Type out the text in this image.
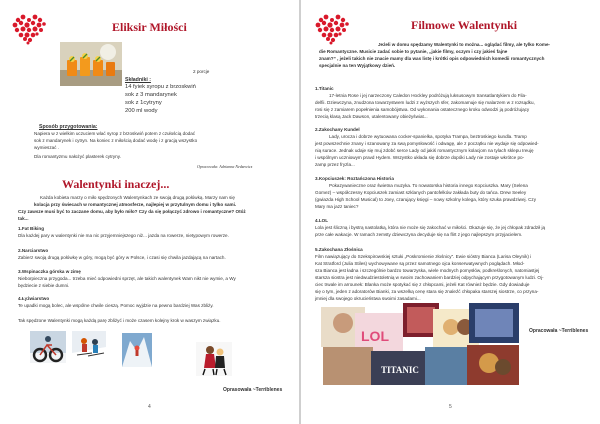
Eliksir Miłości
2 porcje
Składniki :
14 fyiek syropu z brzoskwiń
sok z 3 mandarynek
sok z 1cytryny
200 ml wody
Sposób przygotowania:
Napiera w z wielkim uczuciem wlać syrop z brzoskwiń potem z czułością dodać
sok z mandarynek i cytryn. Na koniec z miłością dodać wodę i z gracją wszystko
wymieszać .
Dla romantyzmu nałożyć plasterek cytryny.
Opracowała: Adrianna Nedzewicz
Walentynki inaczej...
Każda kobieta marzy o miło spędzonych Walentynkach ze swoją drugą połówką. Marzy nam się
kolacja przy świecach w romantycznej atmosferze, najlepiej w przytulnym domu i tylko sami.
Czy zawsze musi być to zaczane domu, aby było miło? Czy da się połączyć zdrowo i romantyczne? Otóż
tak...
1.Fat Biking
Dla każdej pary w walentynki nie ma nic przyjemniejszego niż... jazda na rowerze, nietypowym rowerze.
2.Narciarstwo
Zabierz swoją drugą połówkę w góry, mogą być góry w Polsce, i czasi się chwila jazdającą na nartach.
3.Wspinaczka górska w zimę
Nieborpieczna przygoda... trzeba mieć odpowiedni sprzęt, ale takich walentynek Wam nikt nie wymie, a Wy
będziecie z siebie dumni.
4.Łyżwiarstwo
Te upadki mogą bolec, ale wspólne chwile cieszą. Pomoc wyjdzie na pewno bardziej Was zbliży.
Tak spędzone Walentynki mogą każdą parę zbliżyć i może czasem kolejny krok w waszym związku.
Oprasowała ~Terriblenes
4
Filmowe Walentynki
Jeżeli w domu spędzamy Walentynki to można... oglądać filmy, ale tylko Kome-
die Romantyczne. Musicie zadać sobie to pytanie, „jakie filmy, oczym i czy jakieś fajne
znam?” , jeżeli takich nie znacie mamy dla was listę i krótki opis odpowiednich komedii romantycznych
specjalnie na ten Wyjątkowy dzień.
1.Titanic
17-letnia Rose i jej narzeczony Caledon Hockley podróżują luksusowym transatlantykiem do Fila-
delfii. Dziewczyna, znudzona towarzystwem ludzi z wyższych sfer, zakomamuje się malarzem w z rozsądku,
rosi się z zamiarem popełnienia samobójstwa. Od wykonania ostatecznego kroku odwodzi ją podróżujący
trzecią klasą Jack Dawson, utalentowany obieżyświat...
2.Zakochany Kundel
Lady, urocza i dobrze wytuowana cocker-spanielka, spotyka Trampa, beztroskiego kundla. Tramp
jest powszechnie znany i szanowany za swą pomysłowość i odwagę, ale z początku nie wydaje się odpowied-
nią surace. Jednak udaje się muj zdobć serce Lady od jakiś romantycznym kolacjom na tylach sklepu Ireuję
i wspólnym uczniowym pravd Hydem. Wszystko układa się dobrze dopóki Lady nie zostaje wkrótce po-
zamp przez fryzla...
3.Kopciuszek: Roztańczona Historia
Pokazywanieczne oraz świetna muzyka. To nowatorska historia innego Kopciuszka. Mary (Selena
Gomez) – współczesny Kopciuszek zamiast szklanych pantofelków zakłada buty do tańca. Drew Seeley
(gwiazda High School Musical) to Joey, czarujący księgi – nowy szkolny kolega, który szuka prawdziwej. Czy
Mary ma jazz taniec?
4.LOL
Lola jest śliczną i bystrą nastolatką, która nie może się zakochać w miłości. Okazuje się, że jej chłopak zdradził ją
prze całe wakacje. W ramach zemsty dziewczyna decyduje się na flirt z jego najlepszym przyjacielem.
5.Zakochana Złośnica
Film nawiązujący do Szekspirowskiej sztuki „Poskromienie złośnicy”. Ewie sióstry Bianca (Larisa Oleynik) i
Kat Stratford (Julia Stiles) wychowywane są przez samotnego ojca konserwatywnych poglądach. Młod-
sza Bianca jest ładna i szczególnie bardzo towarzyska, wiele modnych pomysłów, podkreślonych, natomiastjej
starsza siostra jest niedwudziestoletnią w swoim zachowaniem bardziej odpychającym przygotowanym ludzi. Oj-
ciec trwale im arrounek: Blanka może spotykać się z chłopcami, jeżeli Kat również będzie. Gdy dowiaduje
się o tym, jeden z adoratorów Bianki, za wszelką cenę stara się znaleźć chłopaka starszej siostrze, co przyna-
jmniej dla swojego okrucieństwa swoimi zasadami...
LOL
TITANIC
Opracowała ~Terriblenes
5
